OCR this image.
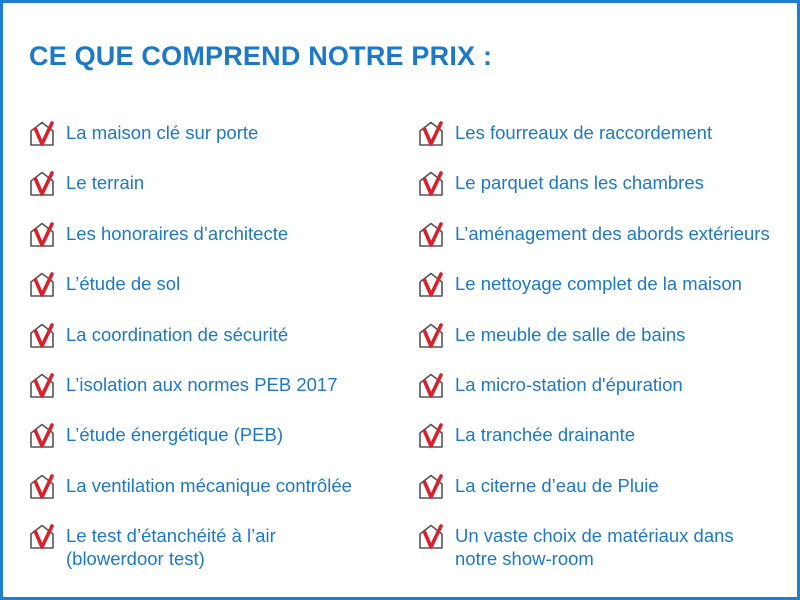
CE QUE COMPREND NOTRE PRIX :
La maison clé sur porte
Le terrain
Les honoraires d’architecte
L’étude de sol
La coordination de sécurité
L’isolation aux normes PEB 2017
L’étude énergétique (PEB)
La ventilation mécanique contrôlée
Le test d’étanchéité à l’air
(blowerdoor test)
Les fourreaux de raccordement
Le parquet dans les chambres
L’aménagement des abords extérieurs
Le nettoyage complet de la maison
Le meuble de salle de bains
La micro-station d'épuration
La tranchée drainante
La citerne d’eau de Pluie
Un vaste choix de matériaux dans
notre show-room
